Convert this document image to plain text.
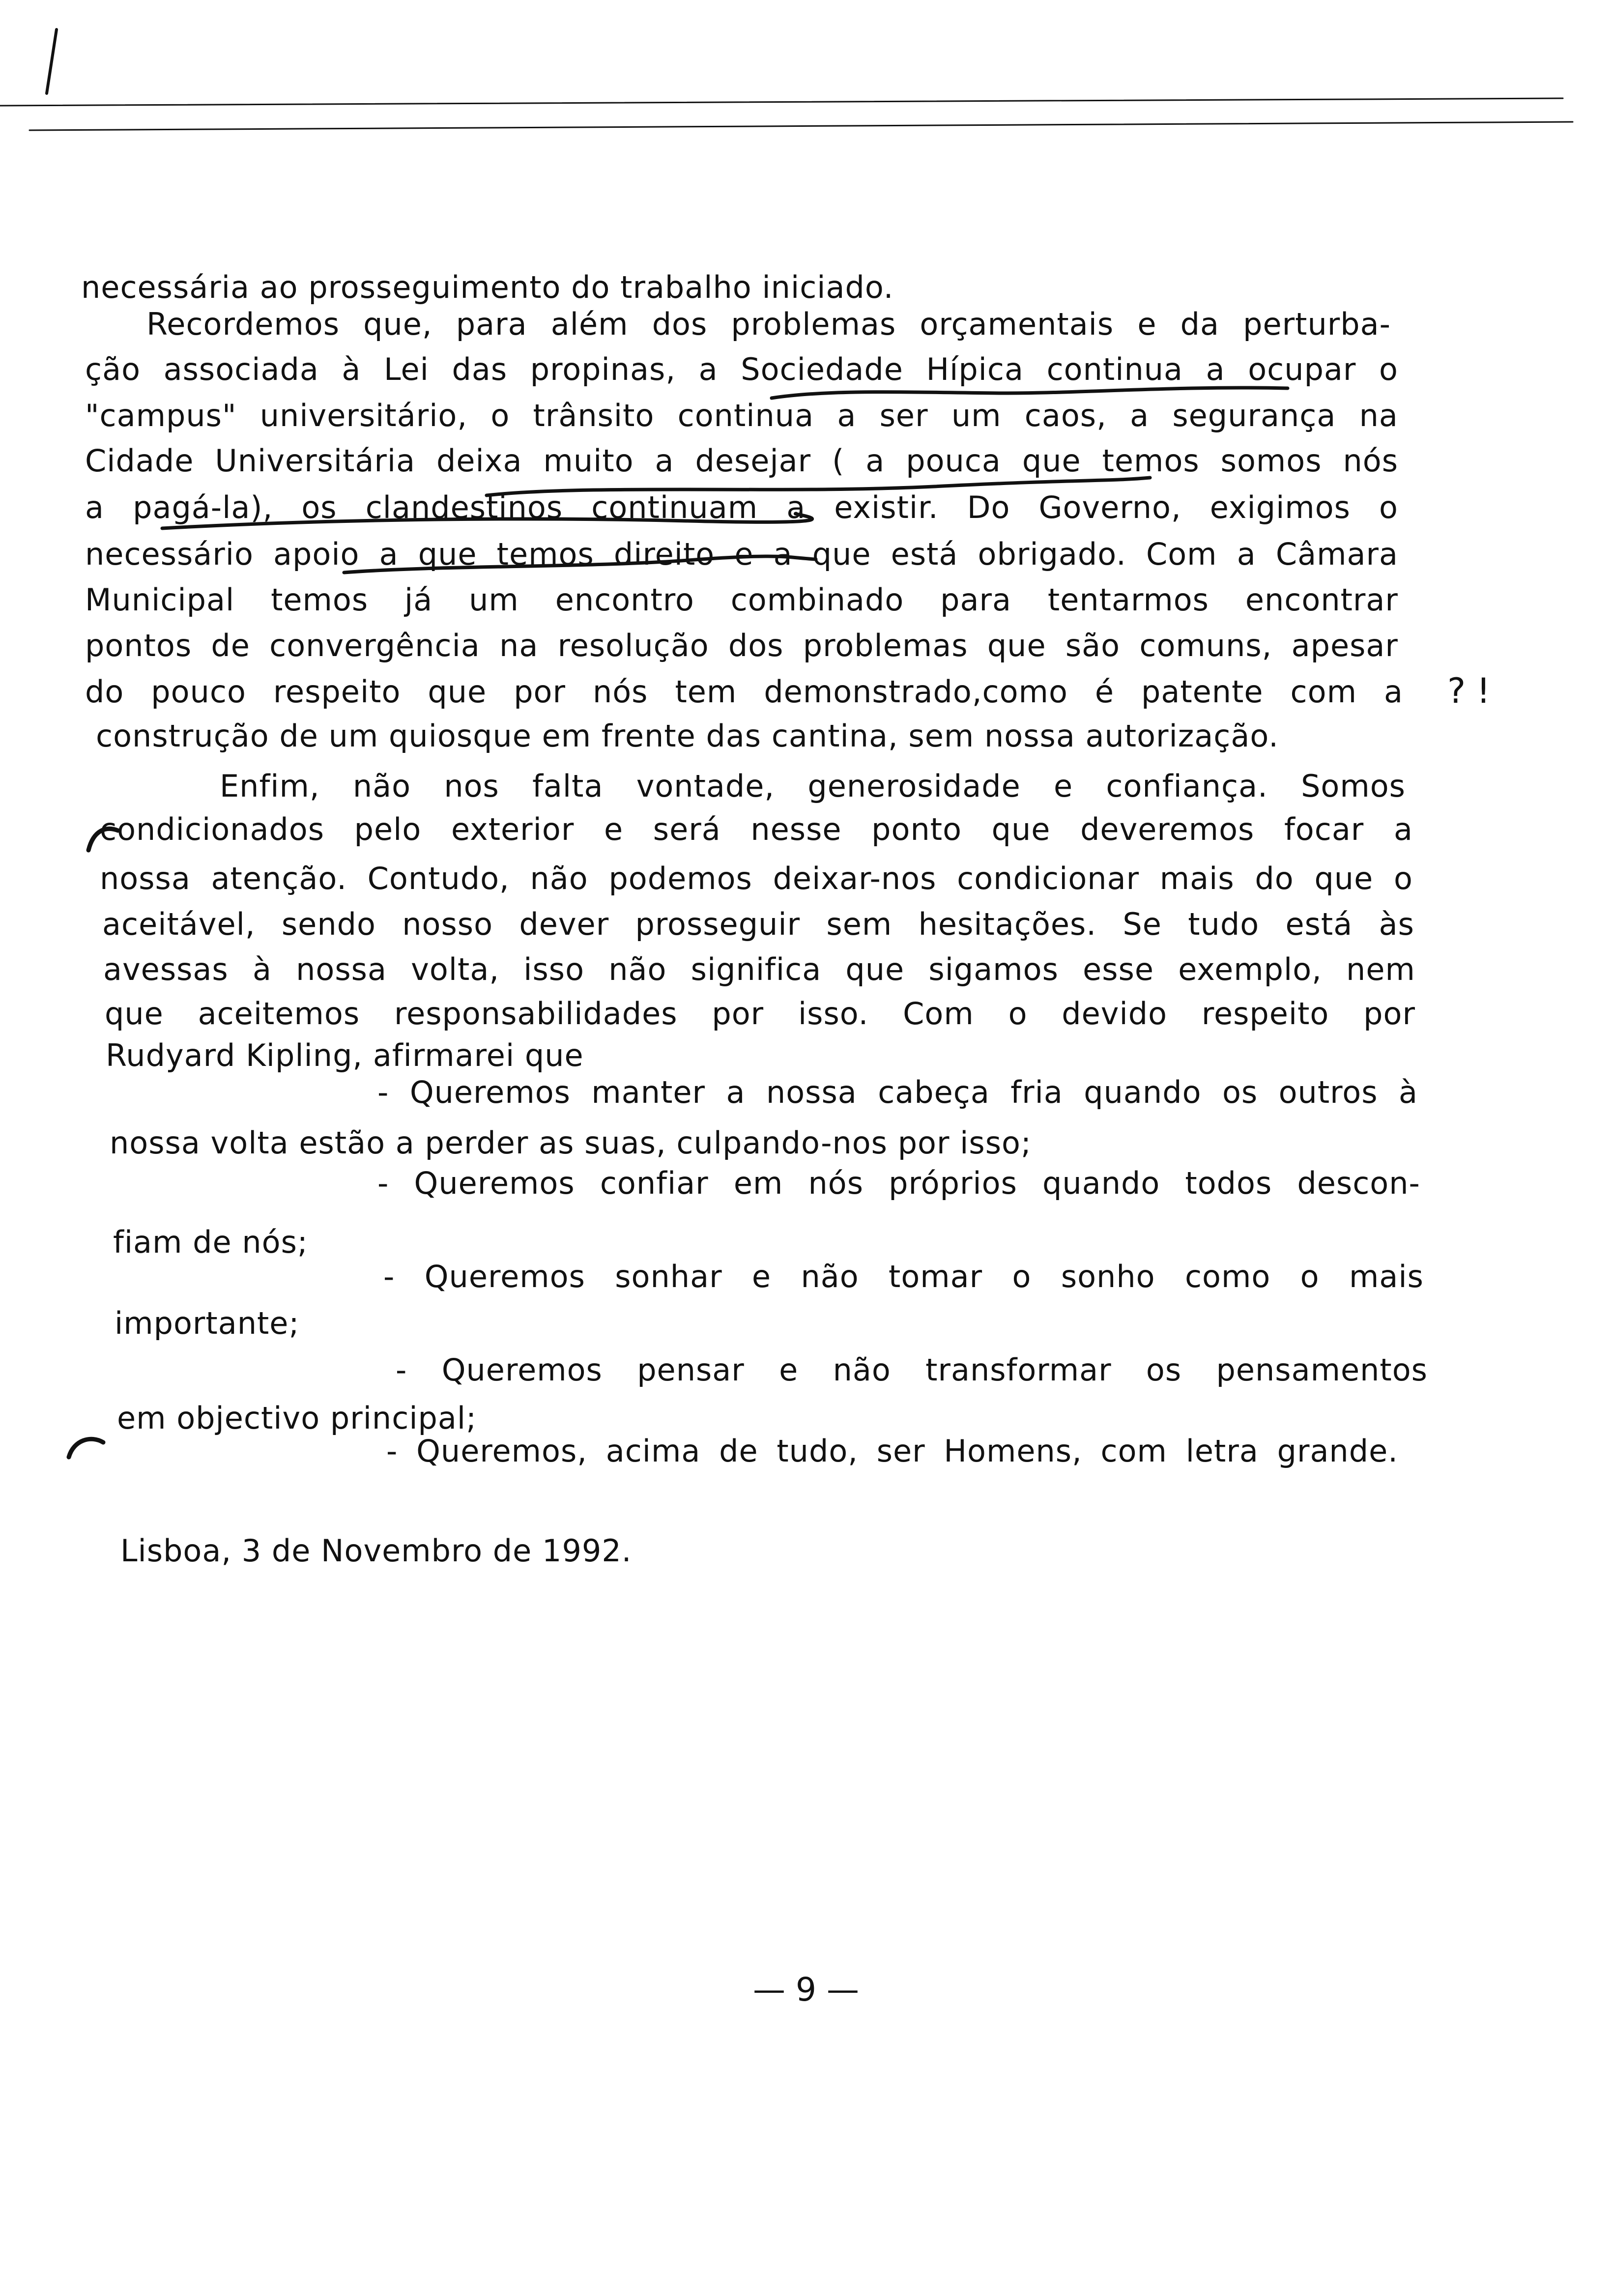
necessária ao prosseguimento do trabalho iniciado.
Recordemos que, para além dos problemas orçamentais e da perturba-
ção associada à Lei das propinas, a Sociedade Hípica continua a ocupar o
"campus" universitário, o trânsito continua a ser um caos, a segurança na
Cidade Universitária deixa muito a desejar ( a pouca que temos somos nós
a pagá-la), os clandestinos continuam a existir. Do Governo, exigimos o
necessário apoio a que temos direito e a que está obrigado. Com a Câmara
Municipal temos já um encontro combinado para tentarmos encontrar
pontos de convergência na resolução dos problemas que são comuns, apesar
do pouco respeito que por nós tem demonstrado,como é patente com a
construção de um quiosque em frente das cantina, sem nossa autorização.
Enfim, não nos falta vontade, generosidade e confiança. Somos
condicionados pelo exterior e será nesse ponto que deveremos focar a
nossa atenção. Contudo, não podemos deixar-nos condicionar mais do que o
aceitável, sendo nosso dever prosseguir sem hesitações. Se tudo está às
avessas à nossa volta, isso não significa que sigamos esse exemplo, nem
que aceitemos responsabilidades por isso. Com o devido respeito por
Rudyard Kipling, afirmarei que
- Queremos manter a nossa cabeça fria quando os outros à
nossa volta estão a perder as suas, culpando-nos por isso;
- Queremos confiar em nós próprios quando todos descon-
fiam de nós;
- Queremos sonhar e não tomar o sonho como o mais
importante;
- Queremos pensar e não transformar os pensamentos
em objectivo principal;
- Queremos, acima de tudo, ser Homens, com letra grande.
Lisboa, 3 de Novembro de 1992.
? !
— 9 —
